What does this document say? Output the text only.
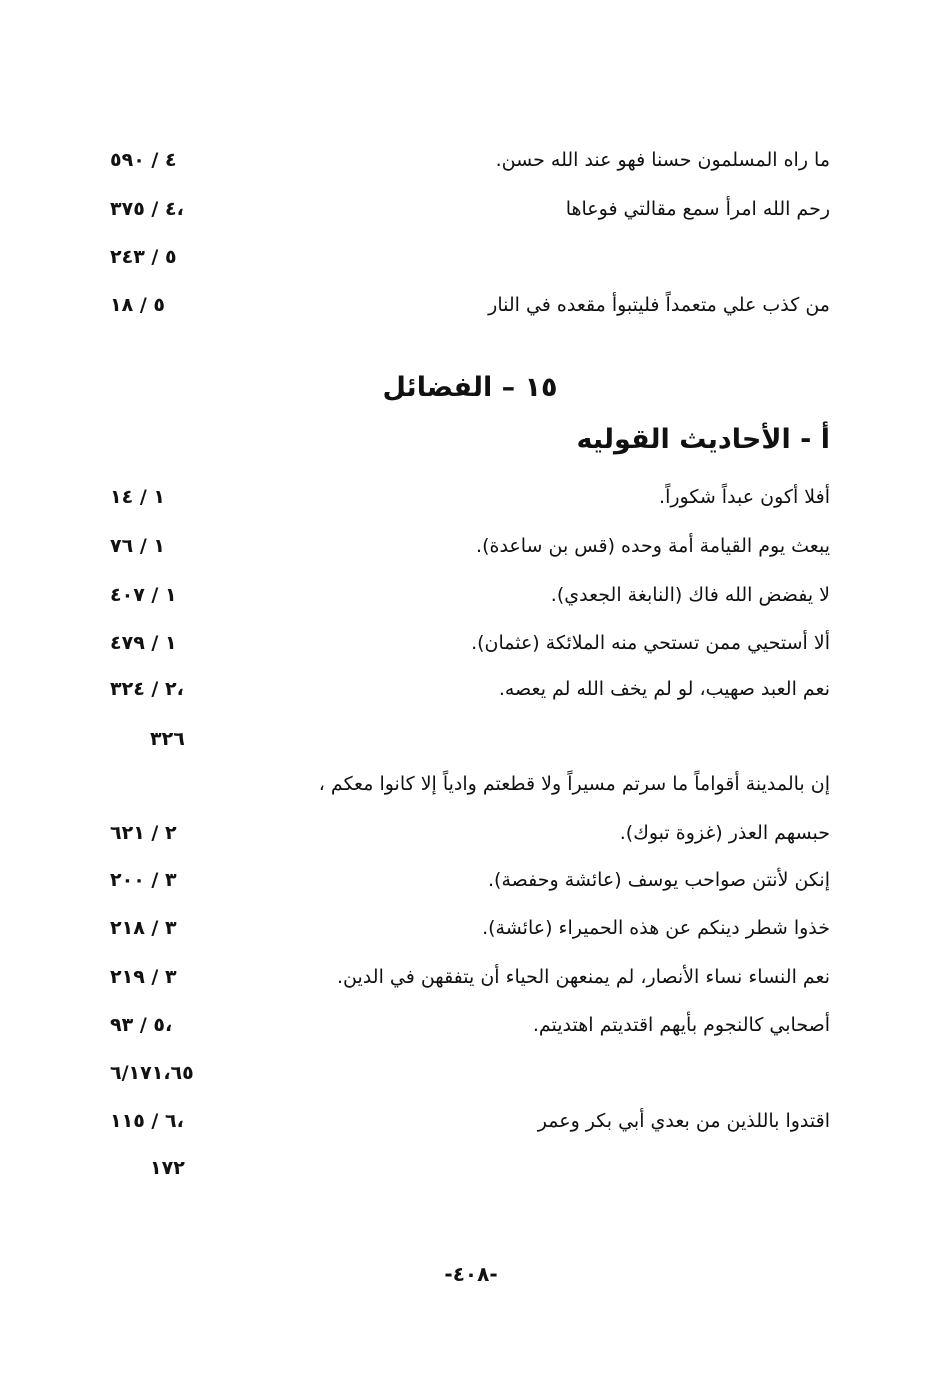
ما راه المسلمون حسنا فهو عند الله حسن.
٤ / ٥٩٠
رحم الله امرأ سمع مقالتي فوعاها
٤ / ٣٧٥،
٥ / ٢٤٣
من كذب علي متعمداً فليتبوأ مقعده في النار
٥ / ١٨
١٥ – الفضائل
أ - الأحاديث القوليه
أفلا أكون عبداً شكوراً.
١ / ١٤
يبعث يوم القيامة أمة وحده (قس بن ساعدة).
١ / ٧٦
لا يفضض الله فاك (النابغة الجعدي).
١ / ٤٠٧
ألا أستحيي ممن تستحي منه الملائكة (عثمان).
١ / ٤٧٩
نعم العبد صهيب، لو لم يخف الله لم يعصه.
٢ / ٣٢٤،
٣٢٦
إن بالمدينة أقواماً ما سرتم مسيراً ولا قطعتم وادياً إلا كانوا معكم ،
حبسهم العذر (غزوة تبوك).
٢ / ٦٢١
إنكن لأنتن صواحب يوسف (عائشة وحفصة).
٣ / ٢٠٠
خذوا شطر دينكم عن هذه الحميراء (عائشة).
٣ / ٢١٨
نعم النساء نساء الأنصار، لم يمنعهن الحياء أن يتفقهن في الدين.
٣ / ٢١٩
أصحابي كالنجوم بأيهم اقتديتم اهتديتم.
٥ / ٩٣،
٦/١٧١،٦٥
اقتدوا باللذين من بعدي أبي بكر وعمر
٦ / ١١٥،
١٧٢
-٤٠٨-
